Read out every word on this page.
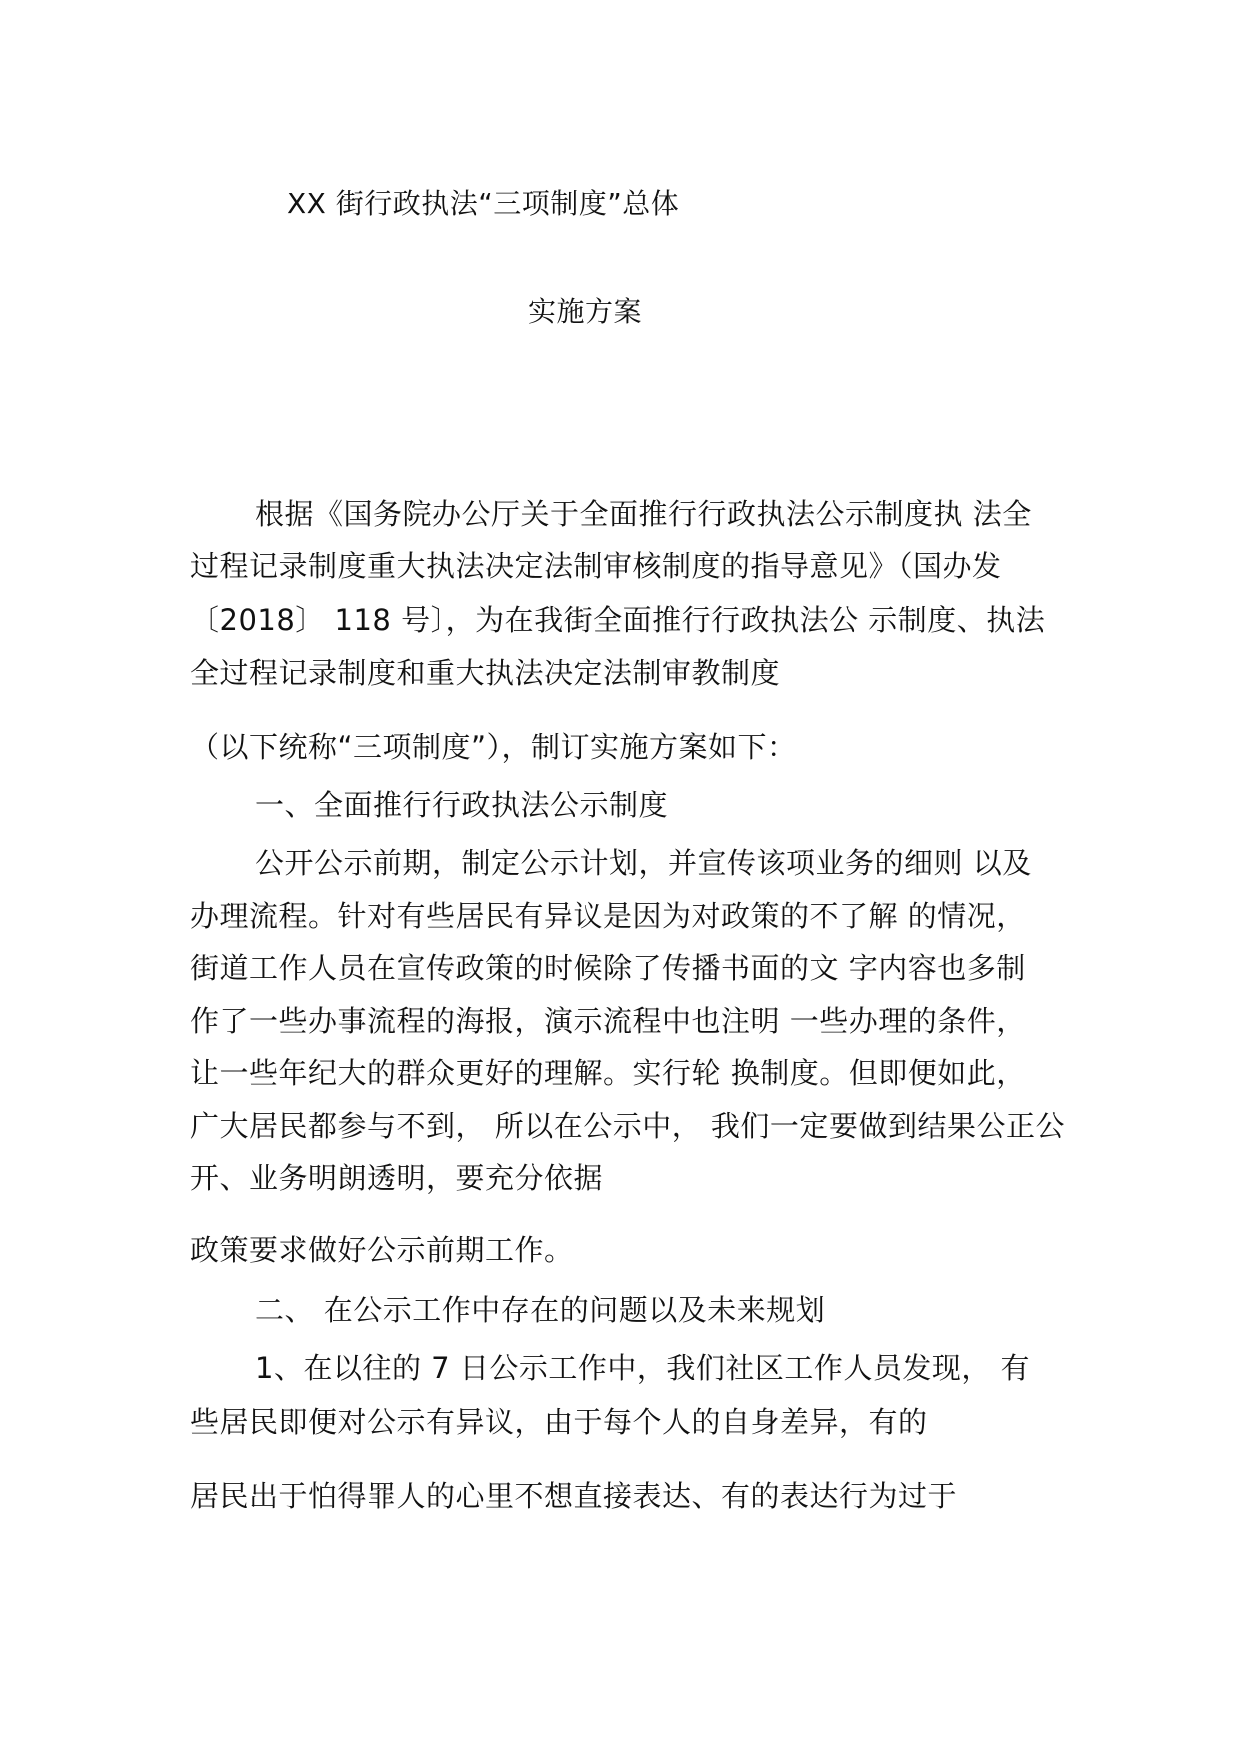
XX 街行政执法“三项制度”总体
实施方案
根据《国务院办公厅关于全面推行行政执法公示制度执 法全
过程记录制度重大执法决定法制审核制度的指导意见》（国办发
〔2018〕 118 号〕，为在我街全面推行行政执法公 示制度、执法
全过程记录制度和重大执法决定法制审教制度
（以下统称“三项制度”），制订实施方案如下：
一、全面推行行政执法公示制度
公开公示前期，制定公示计划，并宣传该项业务的细则 以及
办理流程。针对有些居民有异议是因为对政策的不了解 的情况，
街道工作人员在宣传政策的时候除了传播书面的文 字内容也多制
作了一些办事流程的海报，演示流程中也注明 一些办理的条件，
让一些年纪大的群众更好的理解。实行轮 换制度。但即便如此，
广大居民都参与不到， 所以在公示中， 我们一定要做到结果公正公
开、业务明朗透明，要充分依据
政策要求做好公示前期工作。
二、 在公示工作中存在的问题以及未来规划
1、在以往的 7 日公示工作中，我们社区工作人员发现， 有
些居民即便对公示有异议，由于每个人的自身差异，有的
居民出于怕得罪人的心里不想直接表达、有的表达行为过于
